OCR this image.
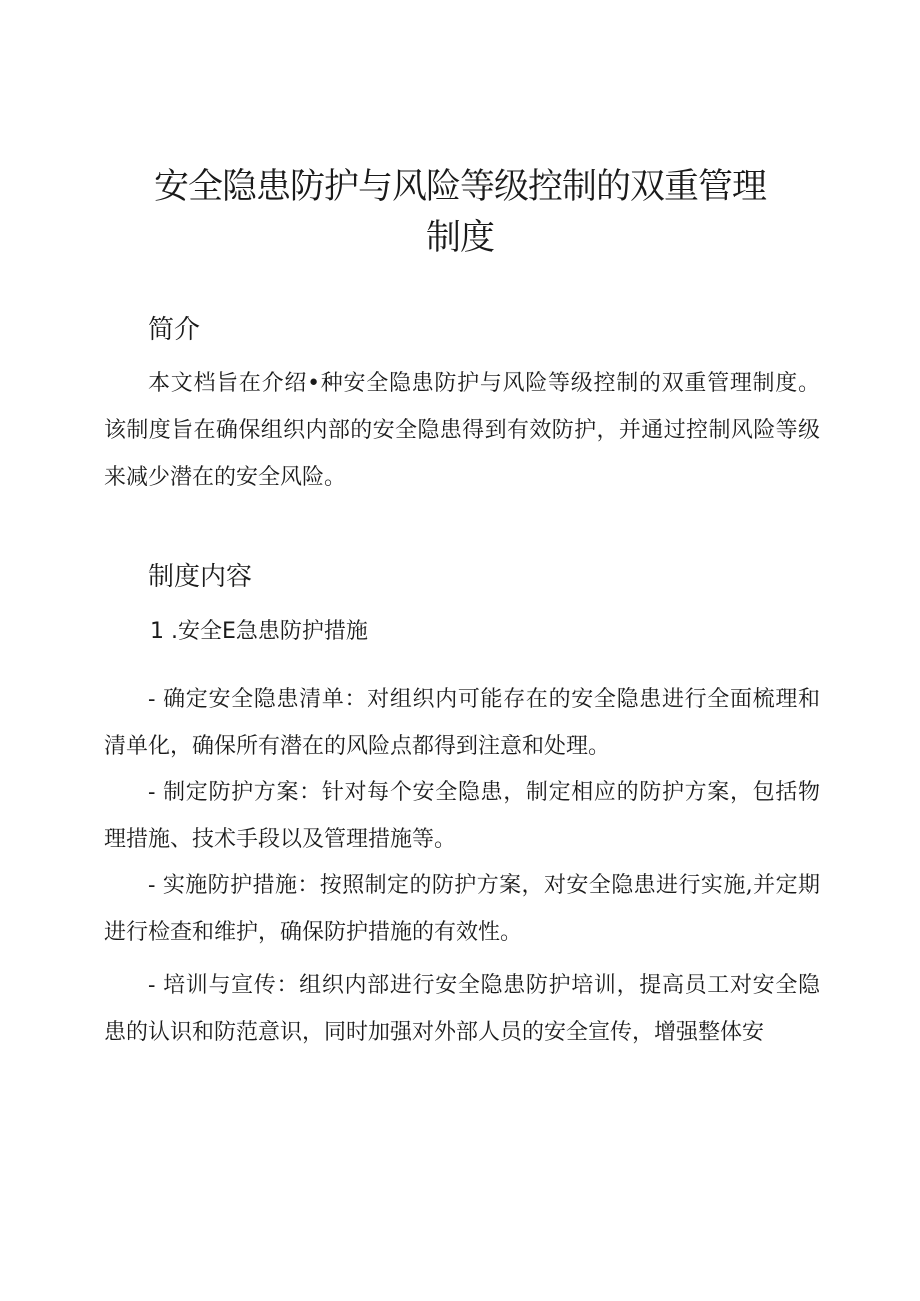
安全隐患防护与风险等级控制的双重管理
制度
简介

本文档旨在介绍•种安全隐患防护与风险等级控制的双重管理制度。该制度旨在确保组织内部的安全隐患得到有效防护，并通过控制风险等级来减少潜在的安全风险。

制度内容

1 .安全E急患防护措施

- 确定安全隐患清单：对组织内可能存在的安全隐患进行全面梳理和清单化，确保所有潜在的风险点都得到注意和处理。

- 制定防护方案：针对每个安全隐患，制定相应的防护方案，包括物理措施、技术手段以及管理措施等。

- 实施防护措施：按照制定的防护方案，对安全隐患进行实施,并定期进行检查和维护，确保防护措施的有效性。

- 培训与宣传：组织内部进行安全隐患防护培训，提高员工对安全隐患的认识和防范意识，同时加强对外部人员的安全宣传，增强整体安
